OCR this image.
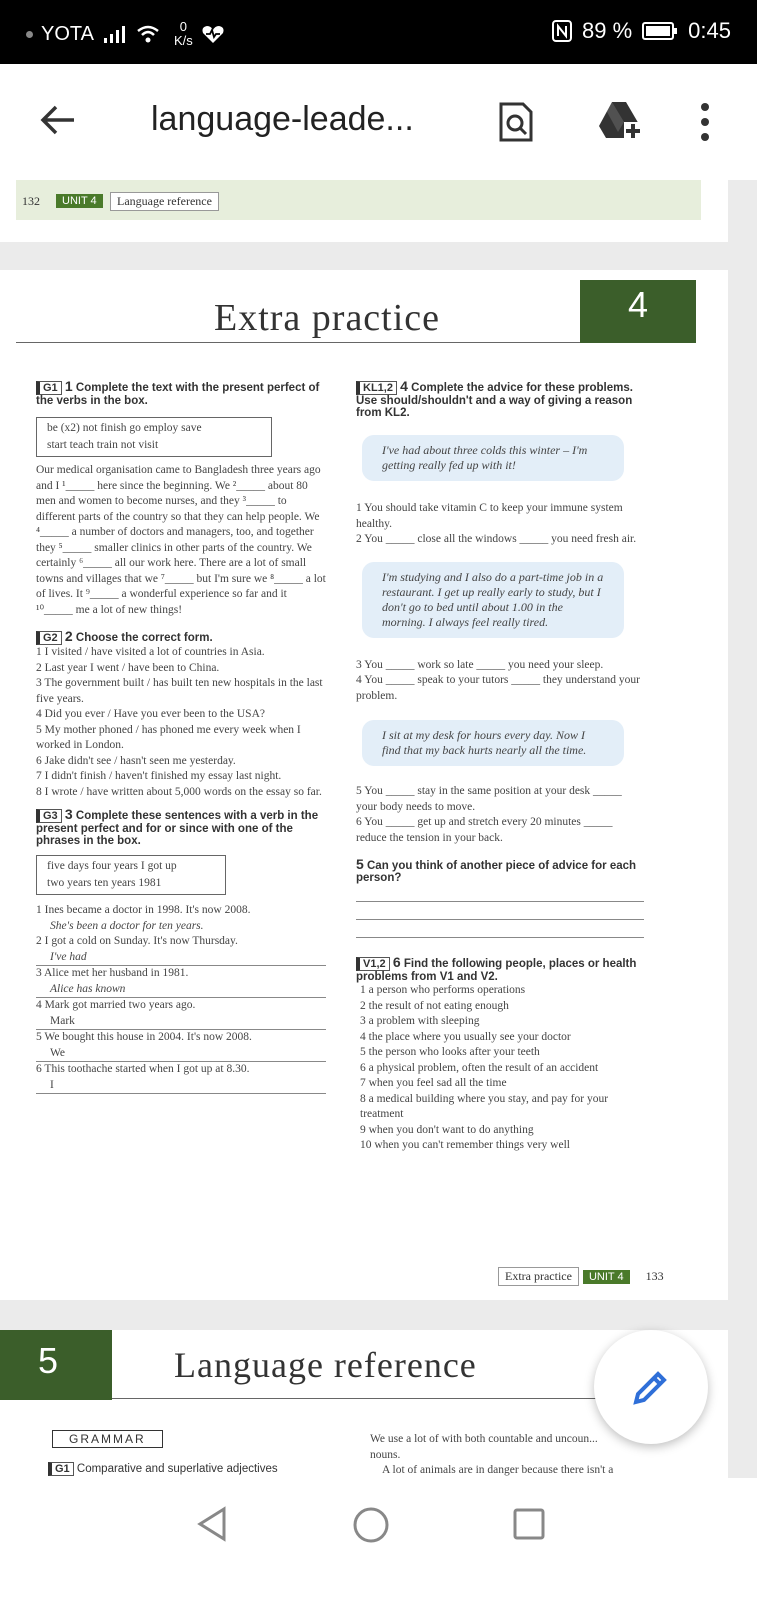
YOTA	0
K/s	89 %	0:45
language-leade...
132	UNIT 4	Language reference
Extra practice	4
G1 1 Complete the text with the present perfect of the verbs in the box.
be (x2) not finish go employ save
start teach train not visit
Our medical organisation came to Bangladesh three years ago and I ¹_____ here since the beginning. We ²_____ about 80 men and women to become nurses, and they ³_____ to different parts of the country so that they can help people. We ⁴_____ a number of doctors and managers, too, and together they ⁵_____ smaller clinics in other parts of the country. We certainly ⁶_____ all our work here. There are a lot of small towns and villages that we ⁷_____ but I'm sure we ⁸_____ a lot of lives. It ⁹_____ a wonderful experience so far and it ¹⁰_____ me a lot of new things!
G2 2 Choose the correct form.
1 I visited / have visited a lot of countries in Asia.
2 Last year I went / have been to China.
3 The government built / has built ten new hospitals in the last five years.
4 Did you ever / Have you ever been to the USA?
5 My mother phoned / has phoned me every week when I worked in London.
6 Jake didn't see / hasn't seen me yesterday.
7 I didn't finish / haven't finished my essay last night.
8 I wrote / have written about 5,000 words on the essay so far.
G3 3 Complete these sentences with a verb in the present perfect and for or since with one of the phrases in the box.
five days four years I got up
two years ten years 1981
1 Ines became a doctor in 1998. It's now 2008.
She's been a doctor for ten years.
2 I got a cold on Sunday. It's now Thursday.
I've had
3 Alice met her husband in 1981.
Alice has known
4 Mark got married two years ago.
Mark
5 We bought this house in 2004. It's now 2008.
We
6 This toothache started when I got up at 8.30.
I
KL1,2 4 Complete the advice for these problems. Use should/shouldn't and a way of giving a reason from KL2.
I've had about three colds this winter – I'm getting really fed up with it!
1 You should take vitamin C to keep your immune system healthy.
2 You _____ close all the windows _____ you need fresh air.
I'm studying and I also do a part-time job in a restaurant. I get up really early to study, but I don't go to bed until about 1.00 in the morning. I always feel really tired.
3 You _____ work so late _____ you need your sleep.
4 You _____ speak to your tutors _____ they understand your problem.
I sit at my desk for hours every day. Now I find that my back hurts nearly all the time.
5 You _____ stay in the same position at your desk _____ your body needs to move.
6 You _____ get up and stretch every 20 minutes _____ reduce the tension in your back.
5 Can you think of another piece of advice for each person?
V1,2 6 Find the following people, places or health problems from V1 and V2.
1 a person who performs operations
2 the result of not eating enough
3 a problem with sleeping
4 the place where you usually see your doctor
5 the person who looks after your teeth
6 a physical problem, often the result of an accident
7 when you feel sad all the time
8 a medical building where you stay, and pay for your treatment
9 when you don't want to do anything
10 when you can't remember things very well
Extra practice	UNIT 4	133
5	Language reference
GRAMMAR
G1 Comparative and superlative adjectives
We use a lot of with both countable and uncoun...
nouns.
A lot of animals are in danger because there isn't a
